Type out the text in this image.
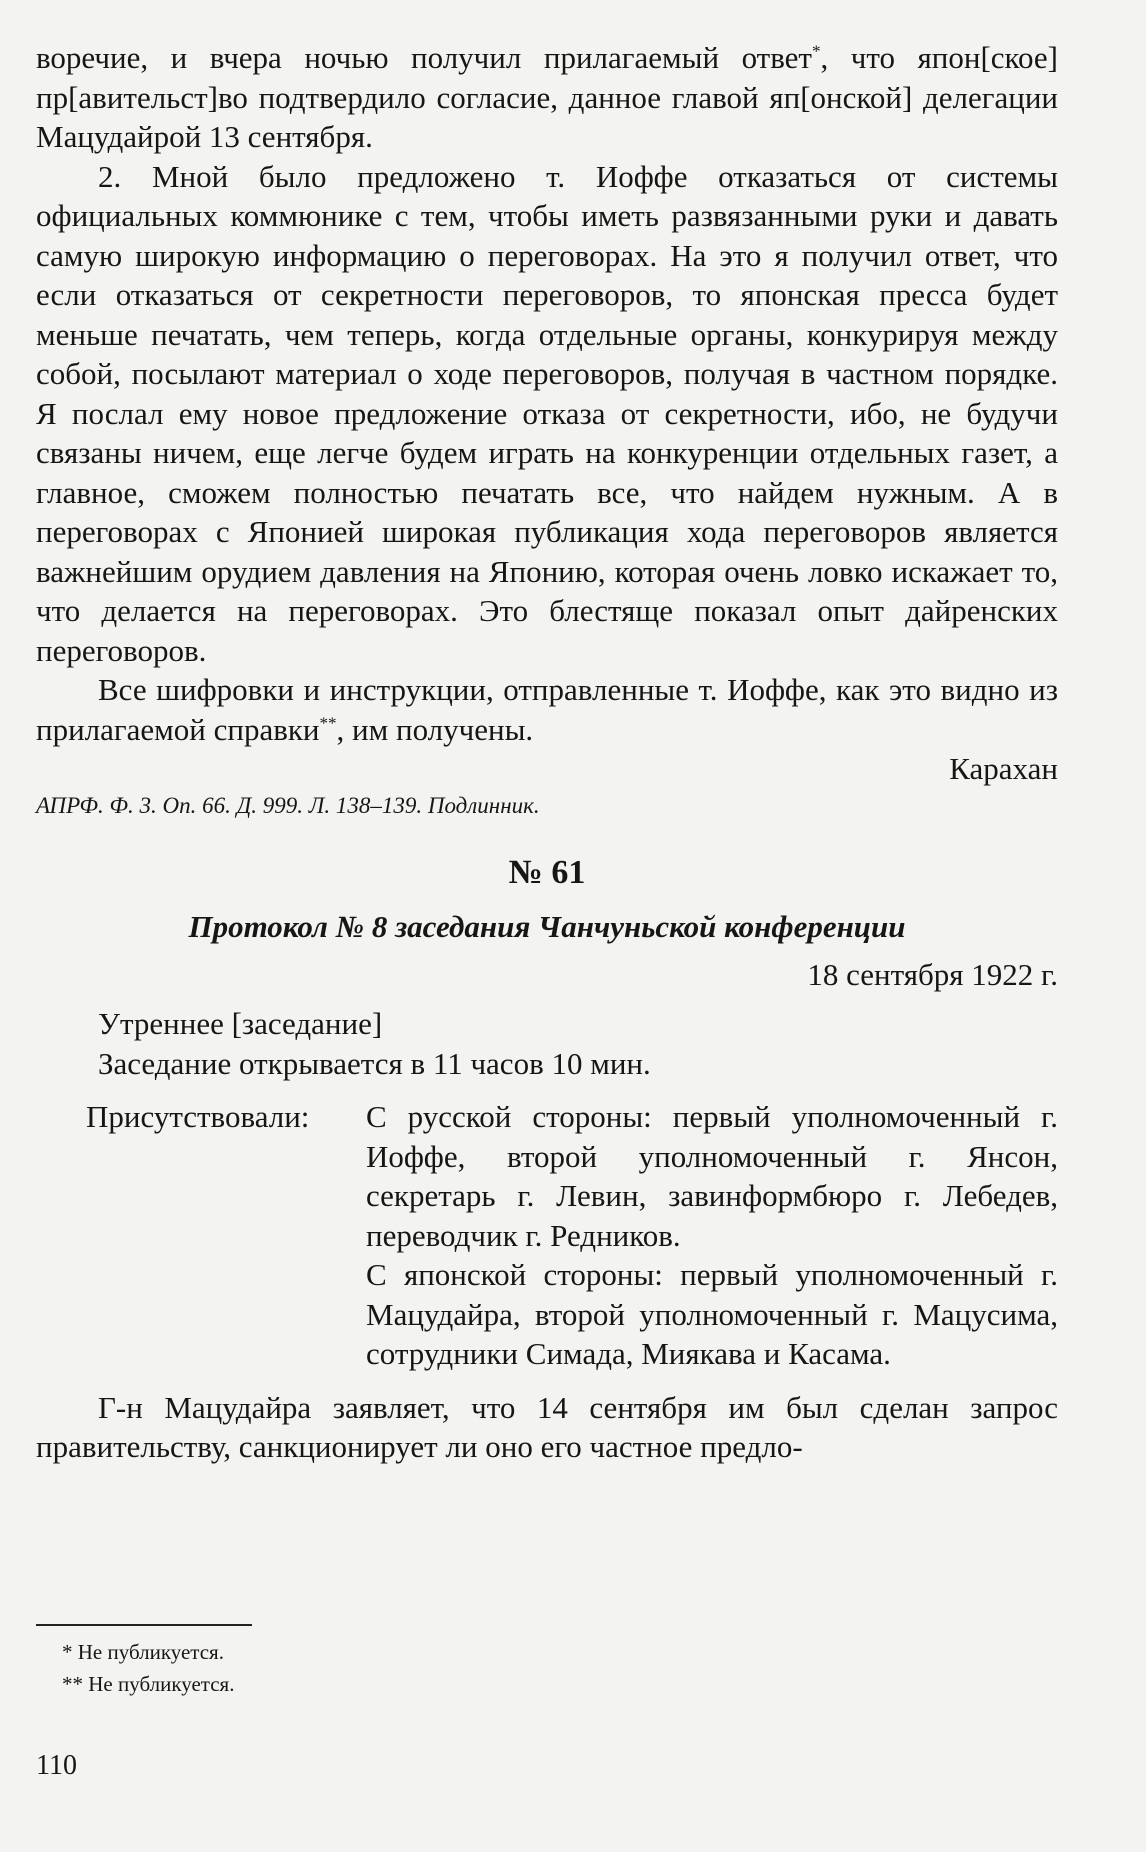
воречие, и вчера ночью получил прилагаемый ответ*, что япон[ское] пр[авительст]во подтвердило согласие, данное главой яп[онской] делегации Мацудайрой 13 сентября.

2. Мной было предложено т. Иоффе отказаться от системы официальных коммюнике с тем, чтобы иметь развязанными руки и давать самую широкую информацию о переговорах. На это я получил ответ, что если отказаться от секретности переговоров, то японская пресса будет меньше печатать, чем теперь, когда отдельные органы, конкурируя между собой, посылают материал о ходе переговоров, получая в частном порядке. Я послал ему новое предложение отказа от секретности, ибо, не будучи связаны ничем, еще легче будем играть на конкуренции отдельных газет, а главное, сможем полностью печатать все, что найдем нужным. А в переговорах с Японией широкая публикация хода переговоров является важнейшим орудием давления на Японию, которая очень ловко искажает то, что делается на переговорах. Это блестяще показал опыт дайренских переговоров.

Все шифровки и инструкции, отправленные т. Иоффе, как это видно из прилагаемой справки**, им получены.

Карахан

АПРФ. Ф. 3. Оп. 66. Д. 999. Л. 138–139. Подлинник.

№ 61

Протокол № 8 заседания Чанчуньской конференции

18 сентября 1922 г.

Утреннее [заседание]

Заседание открывается в 11 часов 10 мин.

Присутствовали:	С русской стороны: первый уполномоченный г. Иоффе, второй уполномоченный г. Янсон, секретарь г. Левин, завинформбюро г. Лебедев, переводчик г. Редников.

С японской стороны: первый уполномоченный г. Мацудайра, второй уполномоченный г. Мацусима, сотрудники Симада, Миякава и Касама.

Г-н Мацудайра заявляет, что 14 сентября им был сделан запрос правительству, санкционирует ли оно его частное предло-

* Не публикуется.

** Не публикуется.

110
